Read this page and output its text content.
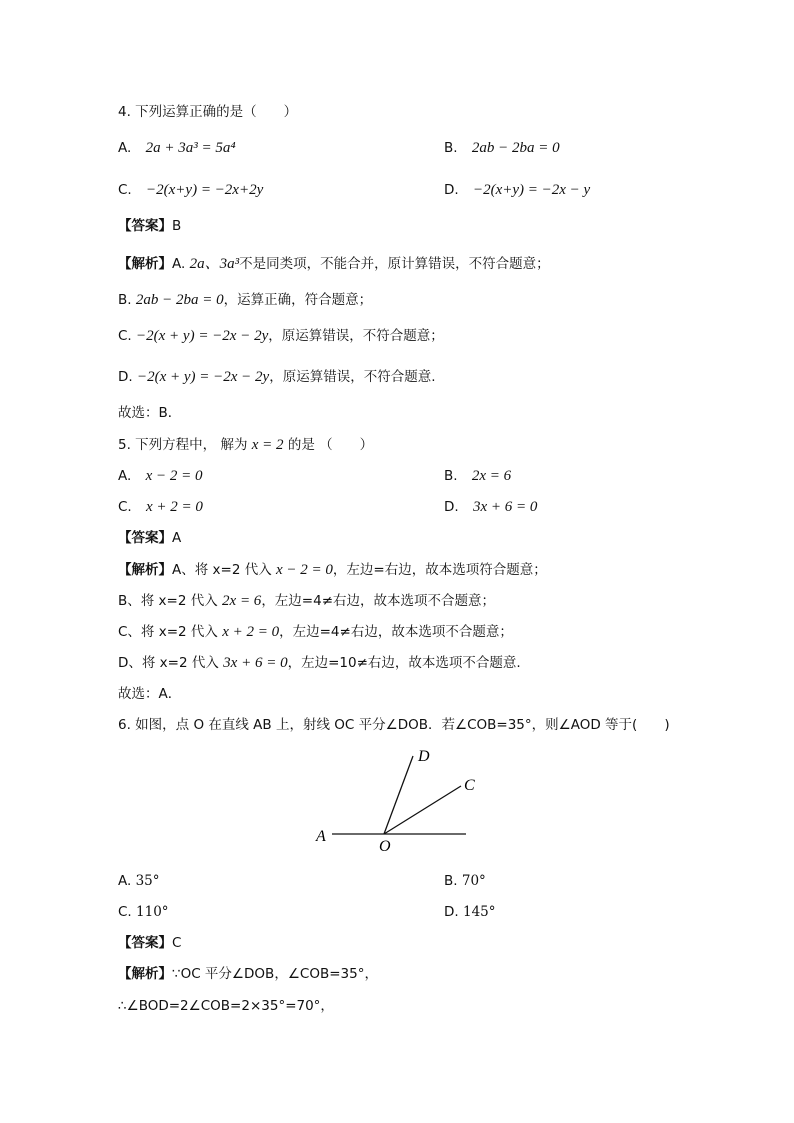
4. 下列运算正确的是（　　）
A. 2a + 3a³ = 5a⁴	B. 2ab − 2ba = 0
C. −2(x+y) = −2x+2y	D. −2(x+y) = −2x − y
【答案】B
【解析】A. 2a、3a³不是同类项，不能合并，原计算错误，不符合题意；
B. 2ab − 2ba = 0，运算正确，符合题意；
C. −2(x + y) = −2x − 2y，原运算错误，不符合题意；
D. −2(x + y) = −2x − 2y，原运算错误，不符合题意.
故选：B．
5. 下列方程中， 解为 x = 2 的是 （　　）
A. x − 2 = 0	B. 2x = 6
C. x + 2 = 0	D. 3x + 6 = 0
【答案】A
【解析】A、将 x=2 代入 x − 2 = 0，左边=右边，故本选项符合题意；
B、将 x=2 代入 2x = 6，左边=4≠右边，故本选项不合题意；
C、将 x=2 代入 x + 2 = 0，左边=4≠右边，故本选项不合题意；
D、将 x=2 代入 3x + 6 = 0，左边=10≠右边，故本选项不合题意.
故选：A．
6. 如图，点 O 在直线 AB 上，射线 OC 平分∠DOB．若∠COB=35°，则∠AOD 等于(　　)
A
O
D
C
A. 35°	B. 70°
C. 110°	D. 145°
【答案】C
【解析】∵OC 平分∠DOB，∠COB=35°，
∴∠BOD=2∠COB=2×35°=70°，
